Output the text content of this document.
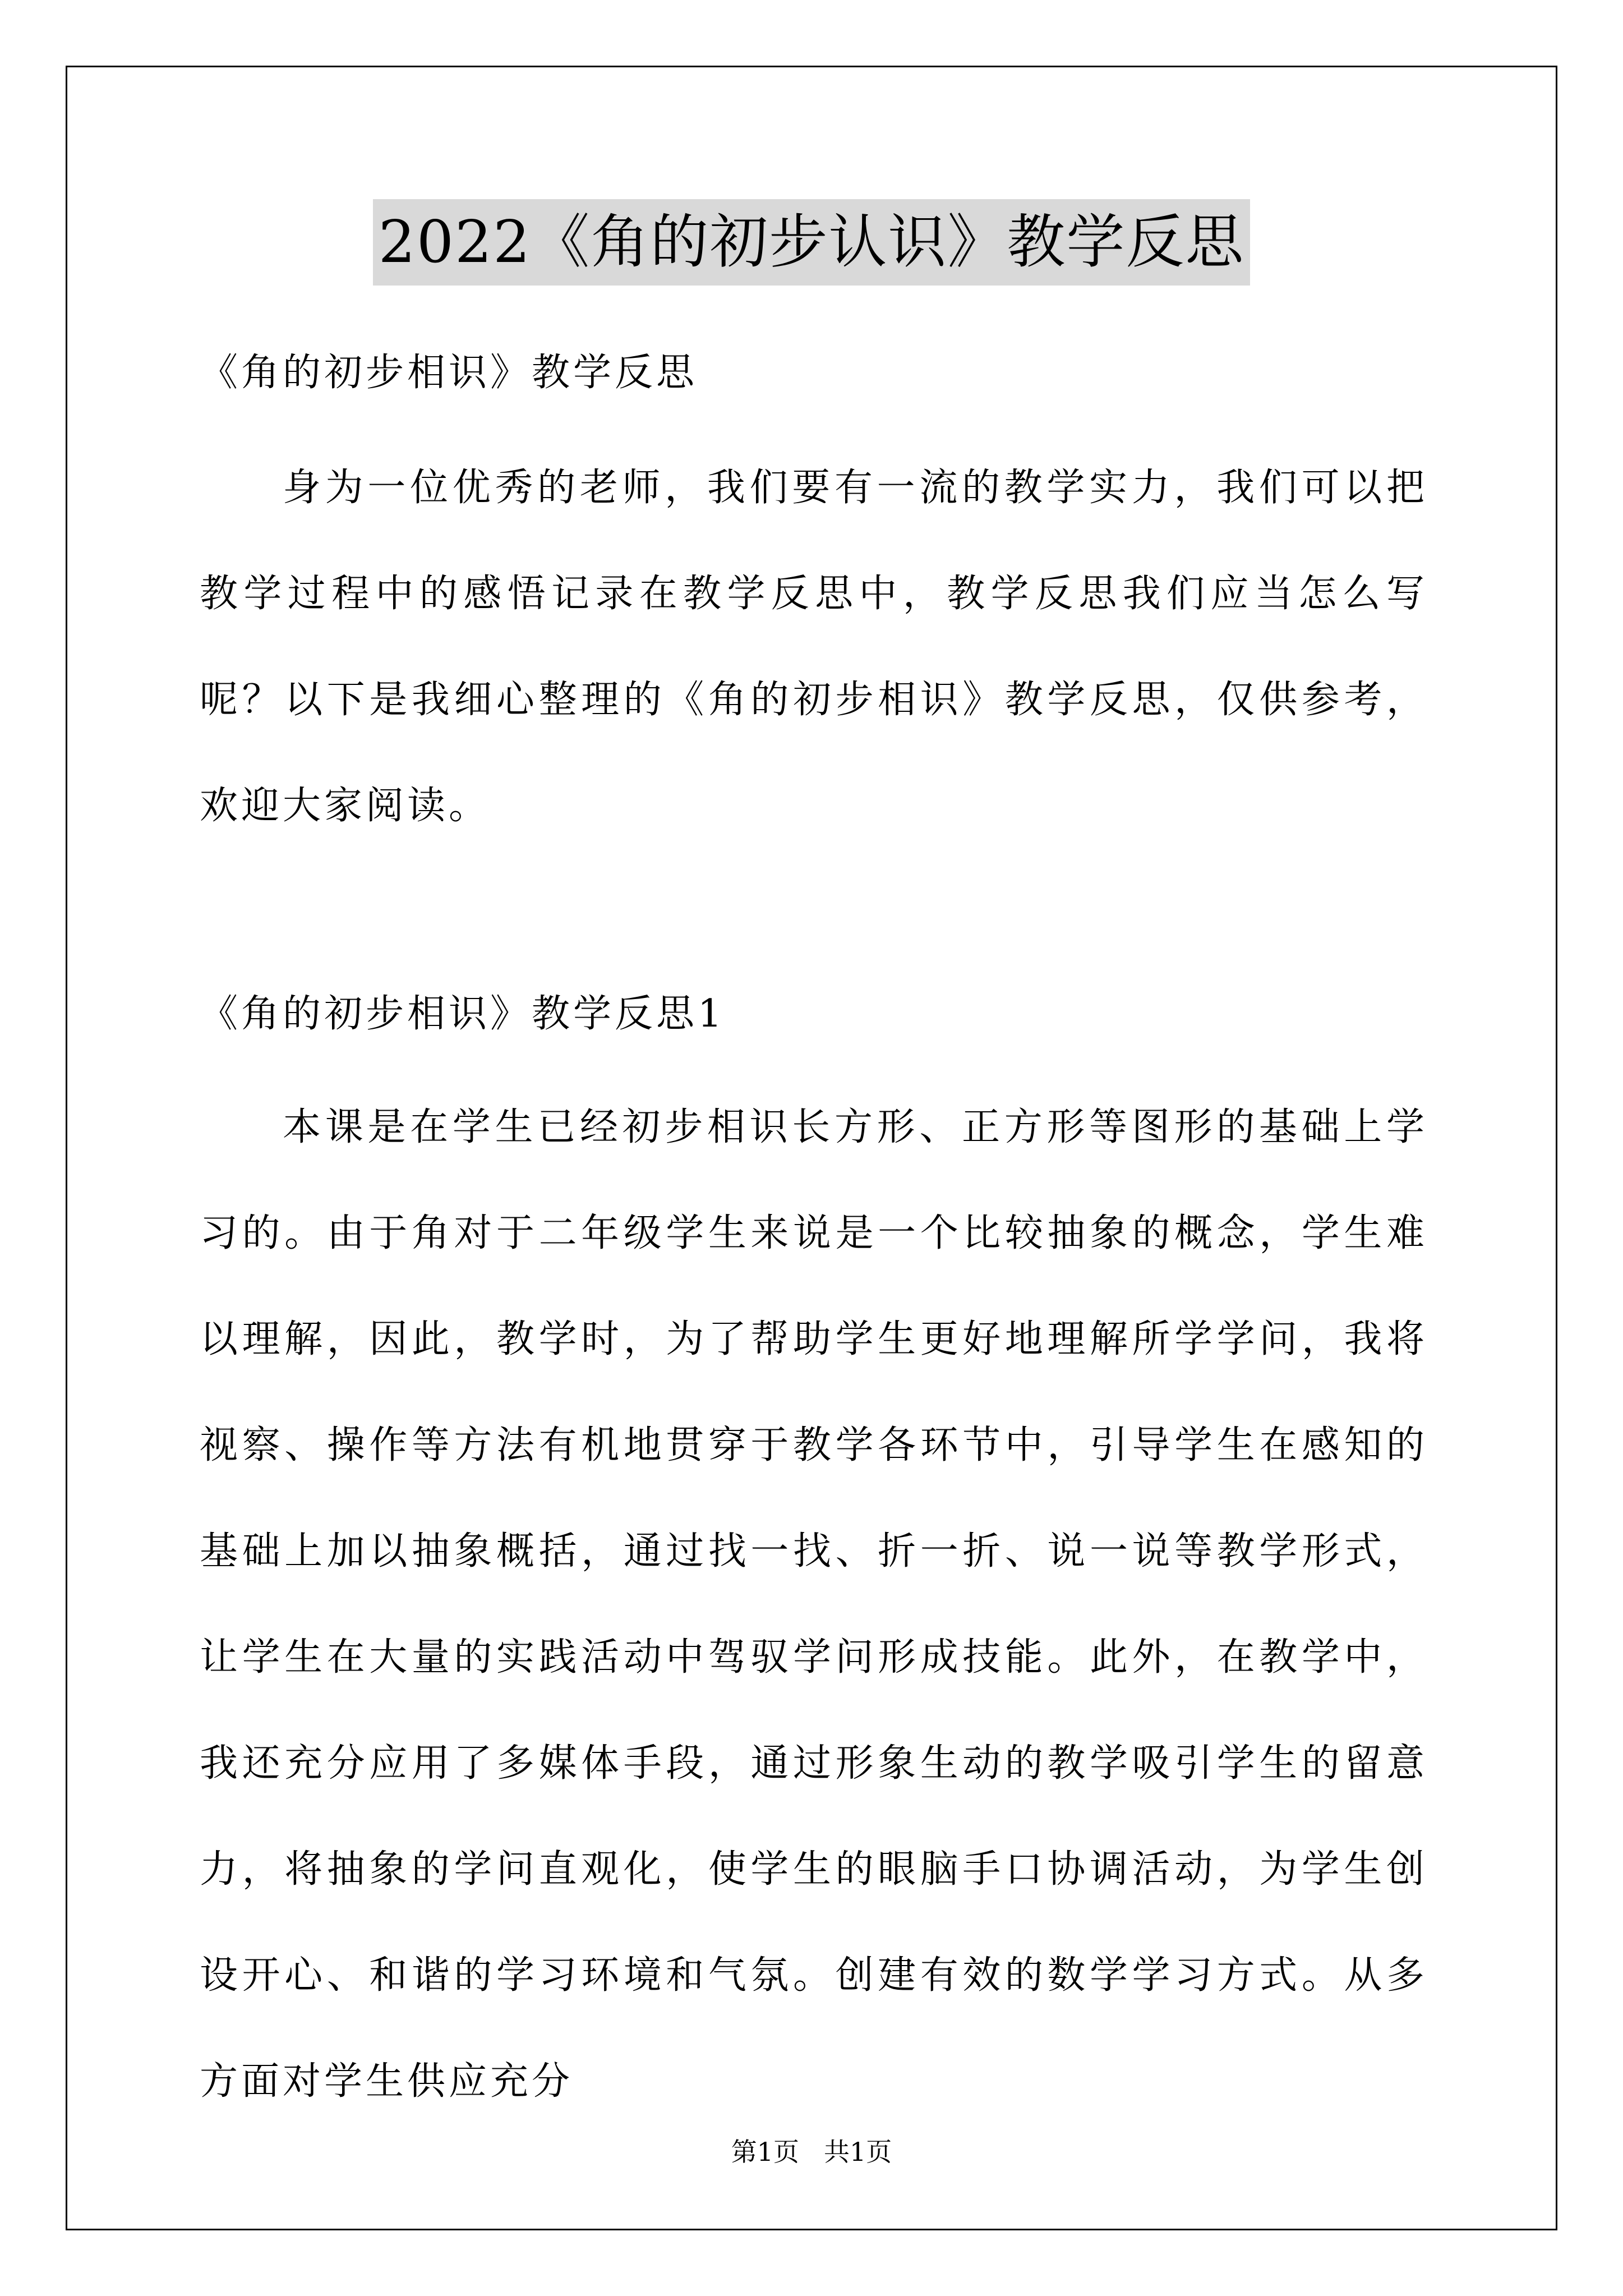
2022《角的初步认识》教学反思
《角的初步相识》教学反思

身为一位优秀的老师，我们要有一流的教学实力，我们可以把教学过程中的感悟记录在教学反思中，教学反思我们应当怎么写呢？以下是我细心整理的《角的初步相识》教学反思，仅供参考，欢迎大家阅读。

《角的初步相识》教学反思1

本课是在学生已经初步相识长方形、正方形等图形的基础上学习的。由于角对于二年级学生来说是一个比较抽象的概念，学生难以理解，因此，教学时，为了帮助学生更好地理解所学学问，我将视察、操作等方法有机地贯穿于教学各环节中，引导学生在感知的基础上加以抽象概括，通过找一找、折一折、说一说等教学形式，让学生在大量的实践活动中驾驭学问形成技能。此外，在教学中，我还充分应用了多媒体手段，通过形象生动的教学吸引学生的留意力，将抽象的学问直观化，使学生的眼脑手口协调活动，为学生创设开心、和谐的学习环境和气氛。创建有效的数学学习方式。从多方面对学生供应充分

第1页 共1页
